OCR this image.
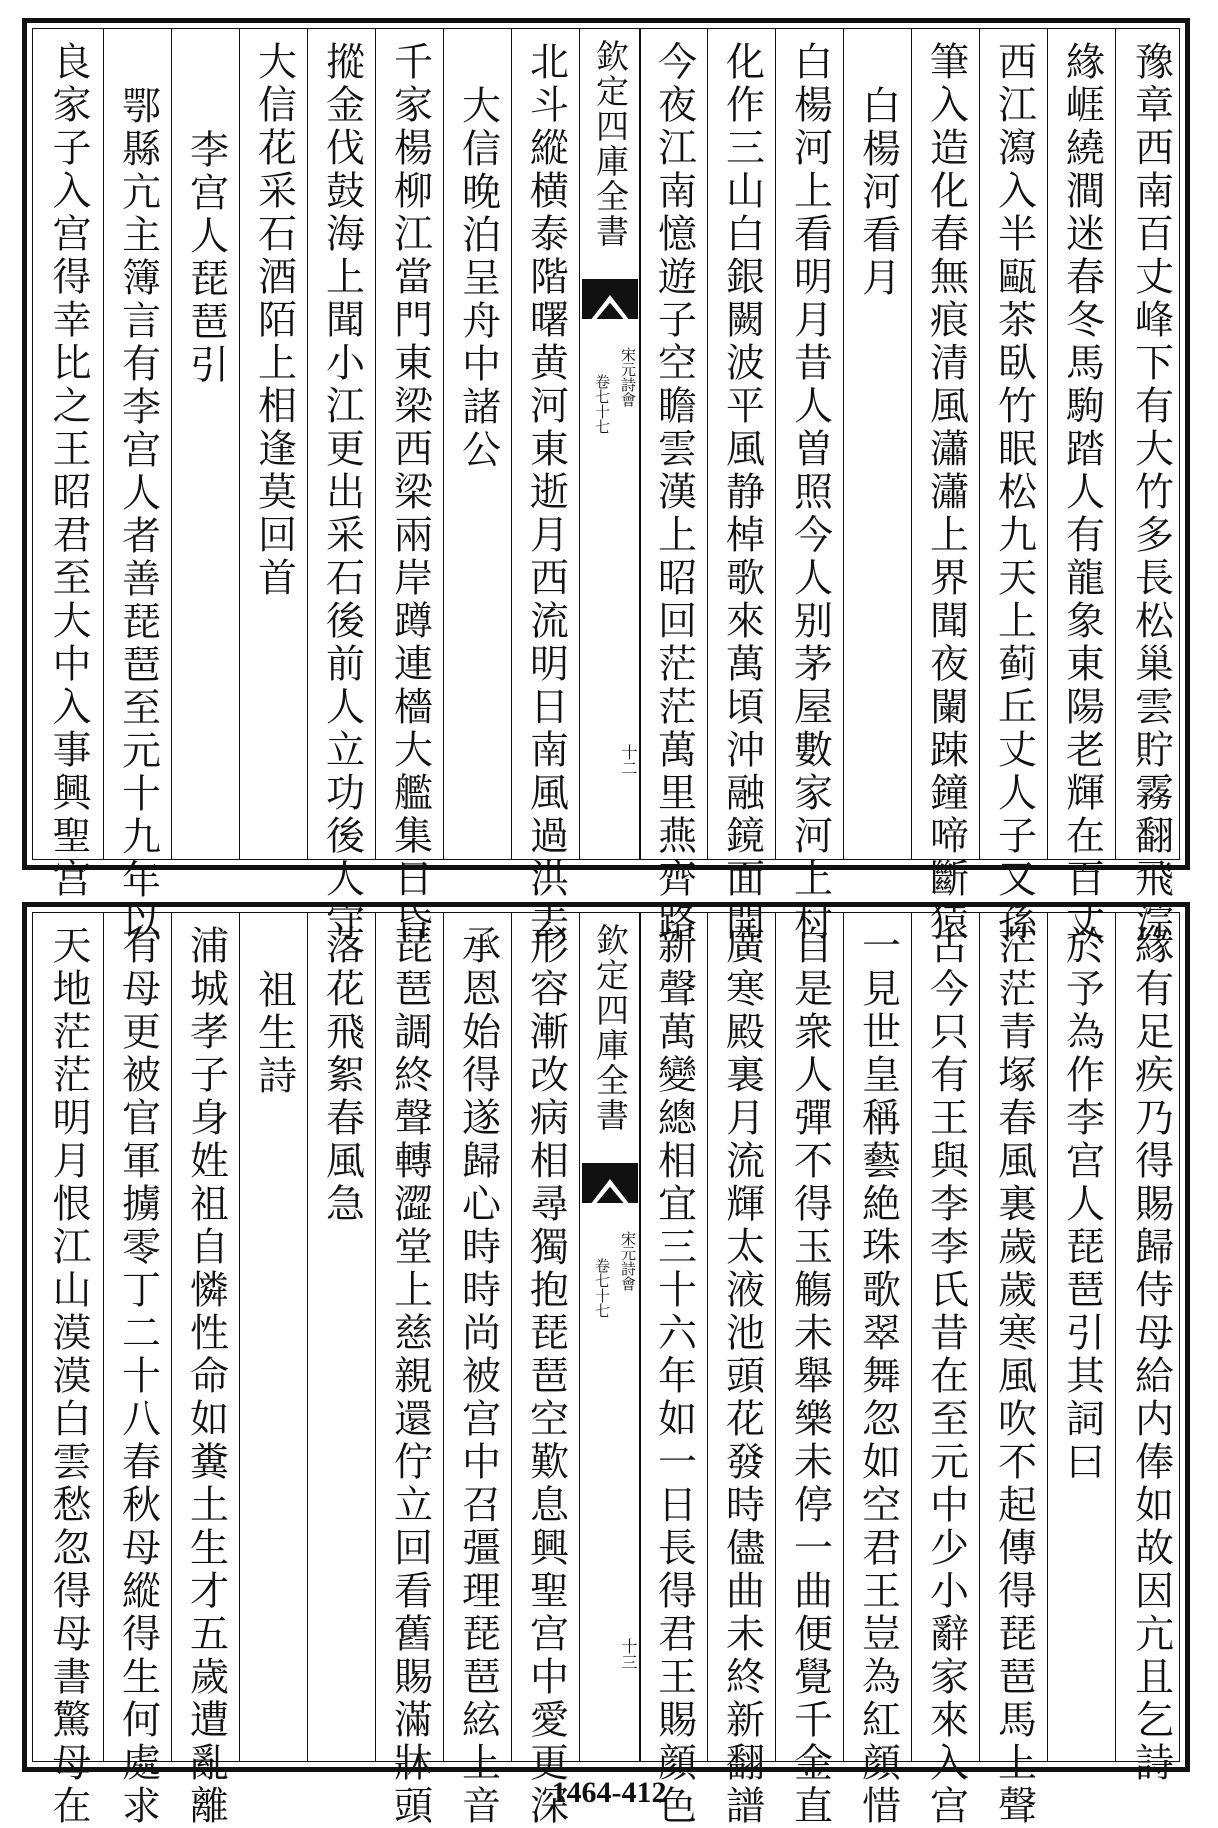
豫章西南百丈峰下有大竹多長松巢雲貯霧翻飛淙
緣崕繞澗迷春冬馬駒踏人有龍象東陽老輝在百丈
西江瀉入半甌茶臥竹眠松九天上蓟丘丈人子又孫
筆入造化春無痕清風瀟瀟上界聞夜闌踈鐘啼斷猿
白楊河看月
白楊河上看明月昔人曽照今人别茅屋數家河上村
化作三山白銀闕波平風静棹歌來萬頃沖融鏡面開
今夜江南憶遊子空瞻雲漢上昭回茫茫萬里燕齊路
欽定四庫全書
宋元詩會
卷七十七
十二
北斗縱横泰階曙黄河東逝月西流明日南風過洪去
大信晚泊呈舟中諸公
千家楊柳江當門東梁西梁兩岸蹲連檣大艦集日昏
摐金伐鼓海上聞小江更出采石後前人立功後人守
大信花采石酒陌上相逢莫回首
李宫人琵琶引
鄂縣亢主簿言有李宫人者善琵琶至元十九年以
良家子入宫得幸比之王昭君至大中入事興聖宫
緣有足疾乃得賜歸侍母給内俸如故因亢且乞詩
於予為作李宫人琵琶引其詞曰
茫茫青塚春風裏歲歲寒風吹不起傳得琵琶馬上聲
古今只有王與李李氏昔在至元中少小辭家來入宫
一見世皇稱藝絶珠歌翠舞忽如空君王豈為紅顔惜
自是衆人彈不得玉觴未舉樂未停一曲便覺千金直
廣寒殿裏月流輝太液池頭花發時儘曲未終新翻譜
新聲萬變總相宜三十六年如一日長得君王賜顔色
欽定四庫全書
宋元詩會
卷七十七
十三
形容漸改病相尋獨抱琵琶空歎息興聖宫中愛更深
承恩始得遂歸心時時尚被宫中召彊理琵琶絃上音
琵琶調終聲轉澀堂上慈親還佇立回看舊賜滿牀頭
落花飛絮春風急
祖生詩
浦城孝子身姓祖自憐性命如糞土生才五歲遭亂離
有母更被官軍擄零丁二十八春秋母縱得生何處求
天地茫茫明月恨江山漠漠白雲愁忽得母書驚母在	1464-412
